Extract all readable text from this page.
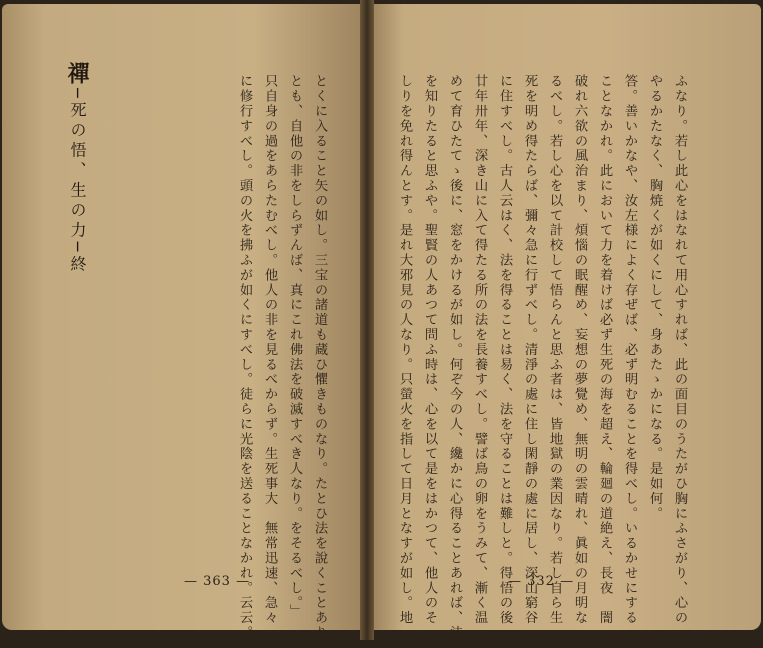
禪─死の悟、生の力─終	とくに入ること矢の如し。三宝の諸道も蔵ひ懼きものなり。たとひ法を說くことあり
とも、自他の非をしらずんば、真にこれ佛法を破滅すべき人なり。をそるべし。」
只自身の過をあらたむべし。他人の非を見るべからず。生死事大　無常迅速、急々
に修行すべし。頭の火を拂ふが如くにすべし。徒らに光陰を送ることなかれ。云云。」
— 363 —	ふなり。若し此心をはなれて用心すれば、此の面目のうたがひ胸にふさがり、心の
やるかたなく、胸焼くが如くにして、身あたゝかになる。是如何。
答。善いかなや、汝左様によく存ぜば、必ず明むることを得べし。いるかせにする
ことなかれ。此において力を着けば必ず生死の海を超え、輪廻の道絶え、長夜　闇
破れ六欲の風治まり、煩惱の眠醒め、妄想の夢覺め、無明の雲晴れ、眞如の月明な
るべし。若し心を以て計校して悟らんと思ふ者は、皆地獄の業因なり。若し自ら生
死を明め得たらば、彌々急に行ずべし。清淨の處に住し閑靜の處に居し、深山窮谷
に住すべし。古人云はく、法を得ることは易く、法を守ることは難しと。得悟の後
廿年卅年、深き山に入て得たる所の法を長養すべし。譬ば鳥の卵をうみて、漸く温
めて育ひたてゝ後に、窓をかけるが如し。何ぞ今の人、纔かに心得ることあれば、法
を知りたると思ふや。聖賢の人あつて問ふ時は、心を以て是をはかつて、他人のそ
しりを免れ得んとす。是れ大邪見の人なり。只螢火を指して日月となすが如し。地	— 332 —
